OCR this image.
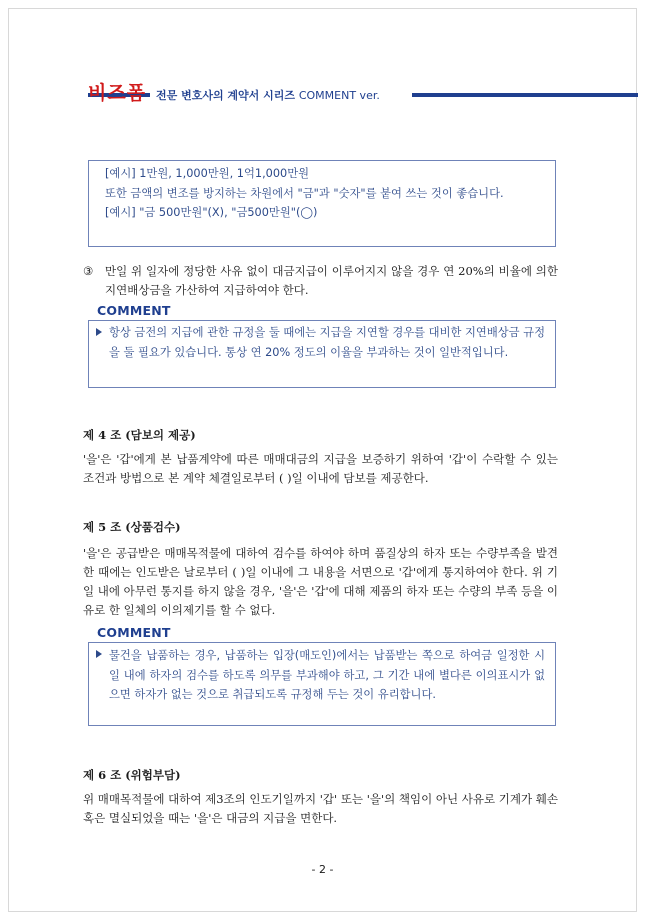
비즈폼 전문 변호사의 계약서 시리즈 COMMENT ver.
[예시] 1만원, 1,000만원, 1억1,000만원
또한 금액의 변조를 방지하는 차원에서 "금"과 "숫자"를 붙여 쓰는 것이 좋습니다.
[예시] "금 500만원"(X), "금500만원"(◯)
③	만일 위 일자에 정당한 사유 없이 대금지급이 이루어지지 않을 경우 연 20%의 비율에 의한 지연배상금을 가산하여 지급하여야 한다.
COMMENT
항상 금전의 지급에 관한 규정을 둘 때에는 지급을 지연할 경우를 대비한 지연배상금 규정을 둘 필요가 있습니다. 통상 연 20% 정도의 이율을 부과하는 것이 일반적입니다.
제 4 조 (담보의 제공)
'을'은 '갑'에게 본 납품계약에 따른 매매대금의 지급을 보증하기 위하여 '갑'이 수락할 수 있는 조건과 방법으로 본 계약 체결일로부터 ( )일 이내에 담보를 제공한다.
제 5 조 (상품검수)
'을'은 공급받은 매매목적물에 대하여 검수를 하여야 하며 품질상의 하자 또는 수량부족을 발견한 때에는 인도받은 날로부터 ( )일 이내에 그 내용을 서면으로 '갑'에게 통지하여야 한다. 위 기일 내에 아무런 통지를 하지 않을 경우, '을'은 '갑'에 대해 제품의 하자 또는 수량의 부족 등을 이유로 한 일체의 이의제기를 할 수 없다.
COMMENT
물건을 납품하는 경우, 납품하는 입장(매도인)에서는 납품받는 쪽으로 하여금 일정한 시일 내에 하자의 검수를 하도록 의무를 부과해야 하고, 그 기간 내에 별다른 이의표시가 없으면 하자가 없는 것으로 취급되도록 규정해 두는 것이 유리합니다.
제 6 조 (위험부담)
위 매매목적물에 대하여 제3조의 인도기일까지 '갑' 또는 '을'의 책임이 아닌 사유로 기계가 훼손 혹은 멸실되었을 때는 '을'은 대금의 지급을 면한다.
- 2 -
